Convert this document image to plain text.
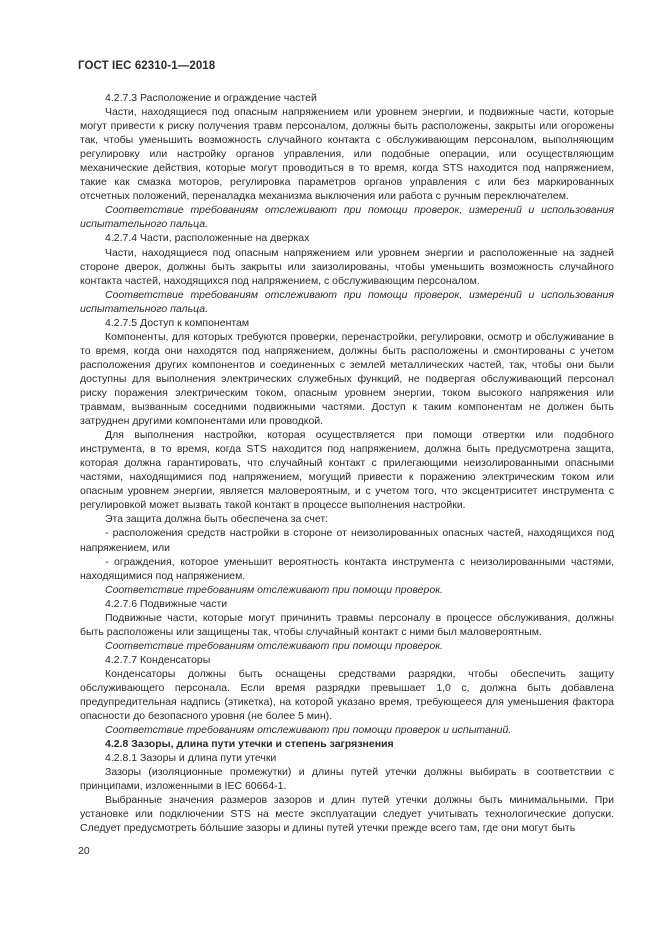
ГОСТ IEC 62310-1—2018

4.2.7.3 Расположение и ограждение частей

Части, находящиеся под опасным напряжением или уровнем энергии, и подвижные части, которые могут привести к риску получения травм персоналом, должны быть расположены, закрыты или огорожены так, чтобы уменьшить возможность случайного контакта с обслуживающим персоналом, выполняющим регулировку или настройку органов управления, или подобные операции, или осуществляющим механические действия, которые могут проводиться в то время, когда STS находится под напряжением, такие как смазка моторов, регулировка параметров органов управления с или без маркированных отсчетных положений, переналадка механизма выключения или работа с ручным переключателем.

Соответствие требованиям отслеживают при помощи проверок, измерений и использования испытательного пальца.

4.2.7.4 Части, расположенные на дверках

Части, находящиеся под опасным напряжением или уровнем энергии и расположенные на задней стороне дверок, должны быть закрыты или заизолированы, чтобы уменьшить возможность случайного контакта частей, находящихся под напряжением, с обслуживающим персоналом.

Соответствие требованиям отслеживают при помощи проверок, измерений и использования испытательного пальца.

4.2.7.5 Доступ к компонентам

Компоненты, для которых требуются проверки, перенастройки, регулировки, осмотр и обслуживание в то время, когда они находятся под напряжением, должны быть расположены и смонтированы с учетом расположения других компонентов и соединенных с землей металлических частей, так, чтобы они были доступны для выполнения электрических служебных функций, не подвергая обслуживающий персонал риску поражения электрическим током, опасным уровнем энергии, током высокого напряжения или травмам, вызванным соседними подвижными частями. Доступ к таким компонентам не должен быть затруднен другими компонентами или проводкой.

Для выполнения настройки, которая осуществляется при помощи отвертки или подобного инструмента, в то время, когда STS находится под напряжением, должна быть предусмотрена защита, которая должна гарантировать, что случайный контакт с прилегающими неизолированными опасными частями, находящимися под напряжением, могущий привести к поражению электрическим током или опасным уровнем энергии, является маловероятным, и с учетом того, что эксцентриситет инструмента с регулировкой может вызвать такой контакт в процессе выполнения настройки.

Эта защита должна быть обеспечена за счет:

- расположения средств настройки в стороне от неизолированных опасных частей, находящихся под напряжением, или

- ограждения, которое уменьшит вероятность контакта инструмента с неизолированными частями, находящимися под напряжением.

Соответствие требованиям отслеживают при помощи проверок.

4.2.7.6 Подвижные части

Подвижные части, которые могут причинить травмы персоналу в процессе обслуживания, должны быть расположены или защищены так, чтобы случайный контакт с ними был маловероятным.

Соответствие требованиям отслеживают при помощи проверок.

4.2.7.7 Конденсаторы

Конденсаторы должны быть оснащены средствами разрядки, чтобы обеспечить защиту обслуживающего персонала. Если время разрядки превышает 1,0 с, должна быть добавлена предупредительная надпись (этикетка), на которой указано время, требующееся для уменьшения фактора опасности до безопасного уровня (не более 5 мин).

Соответствие требованиям отслеживают при помощи проверок и испытаний.

4.2.8 Зазоры, длина пути утечки и степень загрязнения

4.2.8.1 Зазоры и длина пути утечки

Зазоры (изоляционные промежутки) и длины путей утечки должны выбирать в соответствии с принципами, изложенными в IEC 60664-1.

Выбранные значения размеров зазоров и длин путей утечки должны быть минимальными. При установке или подключении STS на месте эксплуатации следует учитывать технологические допуски. Следует предусмотреть бóльшие зазоры и длины путей утечки прежде всего там, где они могут быть

20
